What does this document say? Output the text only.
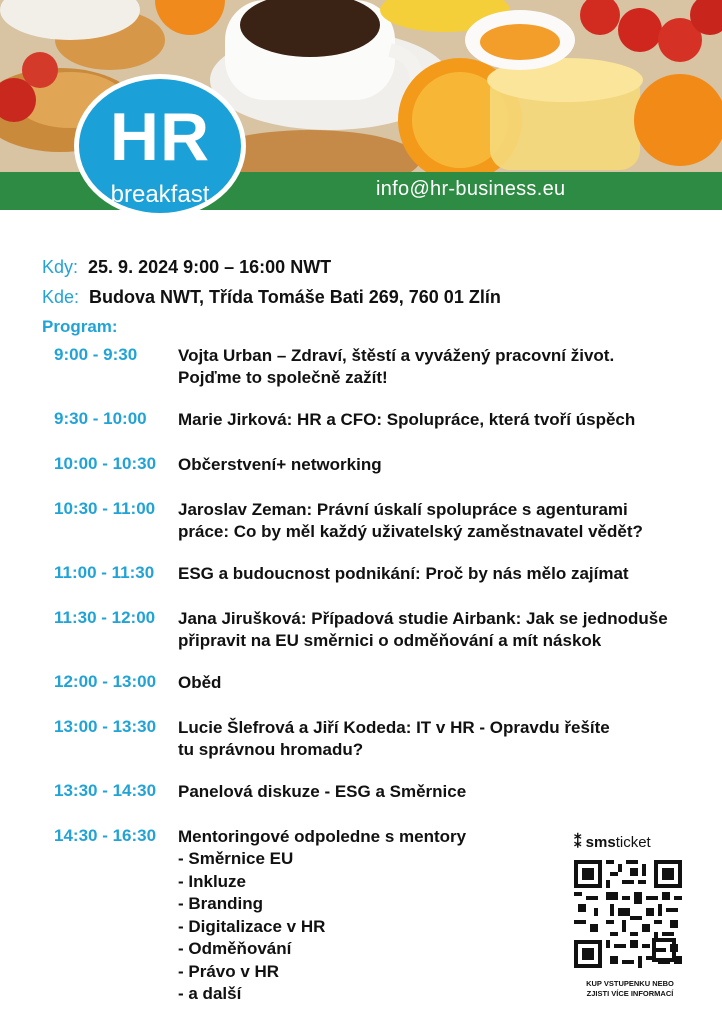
info@hr-business.eu
HR
breakfast
Kdy: 25. 9. 2024 9:00 – 16:00 NWT
Kde: Budova NWT, Třída Tomáše Bati 269, 760 01 Zlín
Program:
9:00 - 9:30	Vojta Urban – Zdraví, štěstí a vyvážený pracovní život.
Pojďme to společně zažít!
9:30 - 10:00	Marie Jirková: HR a CFO: Spolupráce, která tvoří úspěch
10:00 - 10:30	Občerstvení+ networking
10:30 - 11:00	Jaroslav Zeman: Právní úskalí spolupráce s agenturami
práce: Co by měl každý uživatelský zaměstnavatel vědět?
11:00 - 11:30	ESG a budoucnost podnikání: Proč by nás mělo zajímat
11:30 - 12:00	Jana Jirušková: Případová studie Airbank: Jak se jednoduše
připravit na EU směrnici o odměňování a mít náskok
12:00 - 13:00	Oběd
13:00 - 13:30	Lucie Šlefrová a Jiří Kodeda: IT v HR - Opravdu řešíte
tu správnou hromadu?
13:30 - 14:30	Panelová diskuze - ESG a Směrnice
14:30 - 16:30	Mentoringové odpoledne s mentory
- Směrnice EU
- Inkluze
- Branding
- Digitalizace v HR
- Odměňování
- Právo v HR
- a další
⁑ smsticket
KUP VSTUPENKU NEBO
ZJISTI VÍCE INFORMACÍ
